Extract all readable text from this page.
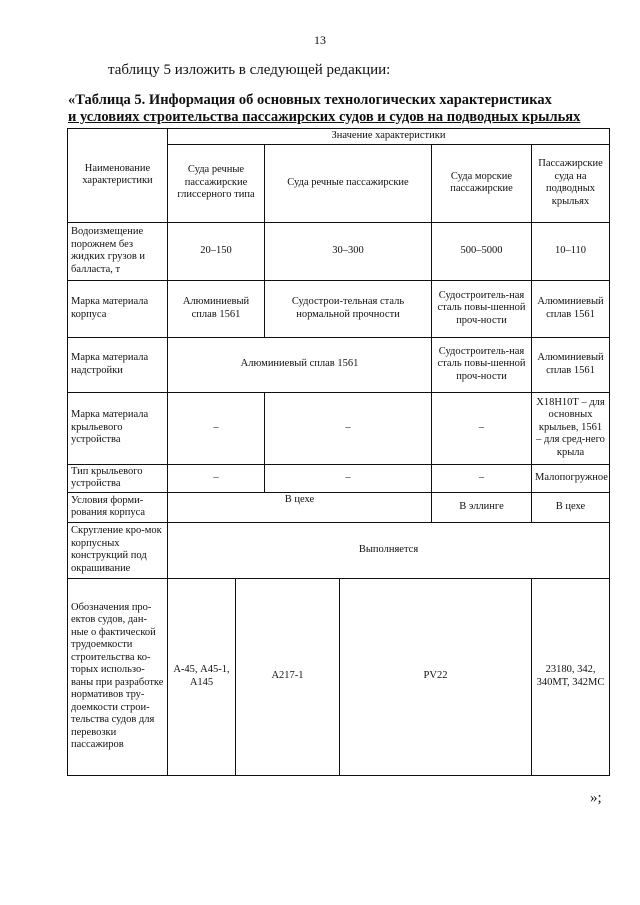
13
таблицу 5 изложить в следующей редакции:
«Таблица 5. Информация об основных технологических характеристиках
и условиях строительства пассажирских судов и судов на подводных крыльях
Наименование характеристики	Значение характеристики						
	Суда речные пассажирские глиссерного типа		Суда речные пассажирские		Суда морские пассажирские	Пассажирские суда на подводных крыльях	
Водоизмещение порожнем без жидких грузов и балласта, т	20–150		30–300		500–5000	10–110	
Марка материала корпуса	Алюминиевый сплав 1561		Судострои-тельная сталь нормальной прочности		Судостроитель-ная сталь повы-шенной проч-ности	Алюминиевый сплав 1561	
Марка материала надстройки	Алюминиевый сплав 1561				Судостроитель-ная сталь повы-шенной проч-ности	Алюминиевый сплав 1561	
Марка материала крыльевого устройства	–		–		–	Х18Н10Т – для основных крыльев, 1561 – для сред-него крыла	
Тип крыльевого устройства	–		–		–	Малопогружное	
Условия форми-рования корпуса	В цехе				В эллинге	В цехе	
Скругление кро-мок корпусных конструкций под окрашивание	Выполняется						
Обозначения про-ектов судов, дан-ные о фактической трудоемкости строительства ко-торых использо-ваны при разработке нормативов тру-доемкости строи-тельства судов для перевозки пассажиров	А-45, А45-1, А145	А217-1		PV22		23180, 342, 340МТ, 342МС	
»;
